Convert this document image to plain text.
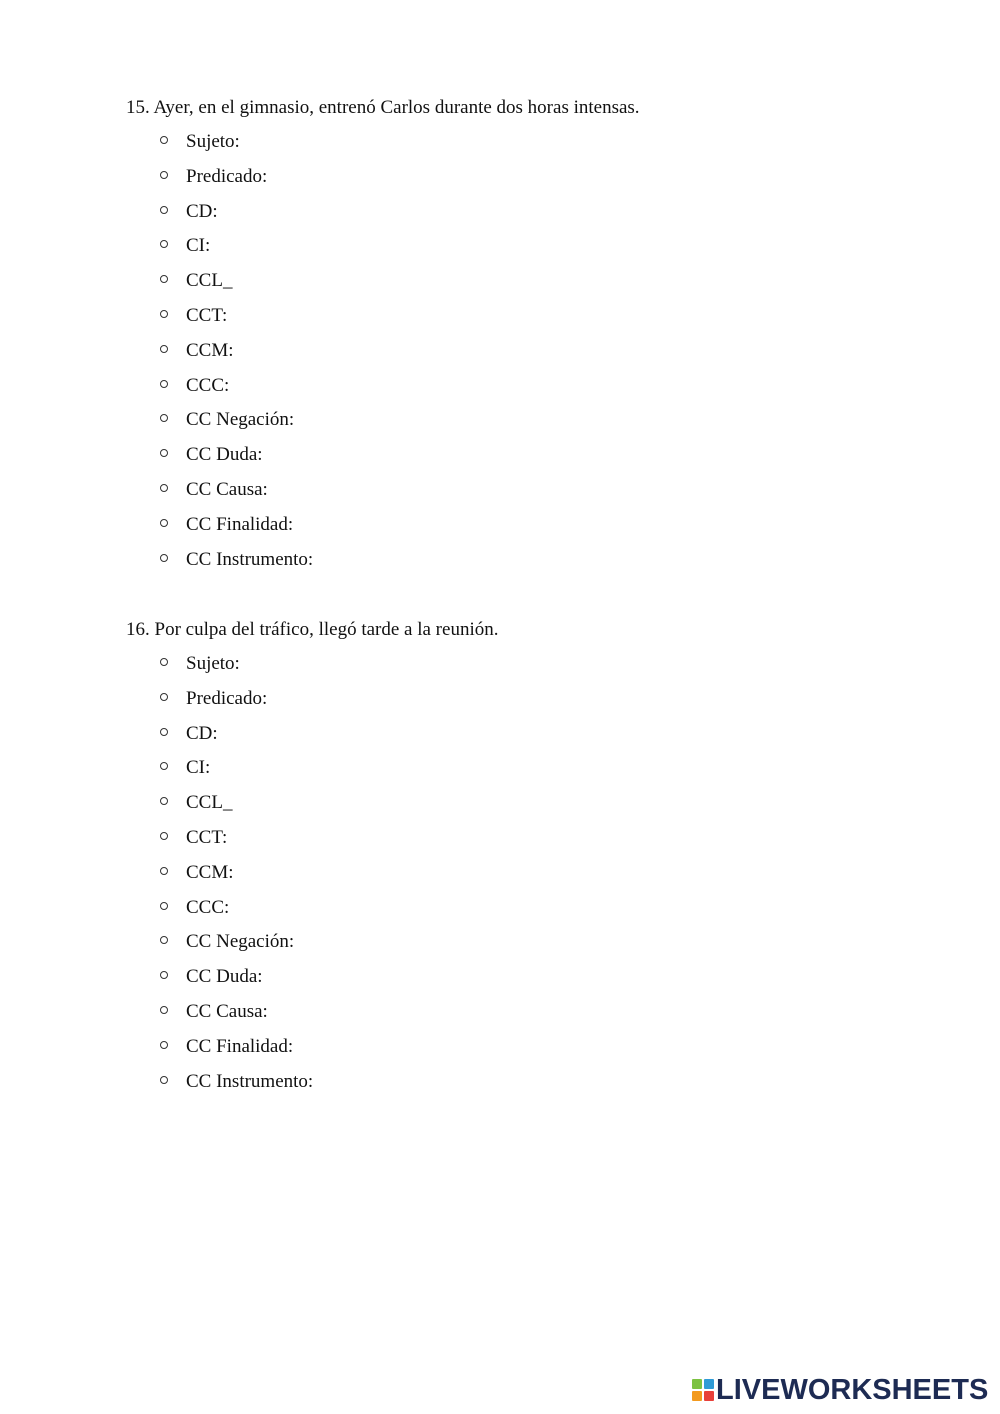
15. Ayer, en el gimnasio, entrenó Carlos durante dos horas intensas.

Sujeto:
Predicado:
CD:
CI:
CCL_
CCT:
CCM:
CCC:
CC Negación:
CC Duda:
CC Causa:
CC Finalidad:
CC Instrumento:

16. Por culpa del tráfico, llegó tarde a la reunión.

Sujeto:
Predicado:
CD:
CI:
CCL_
CCT:
CCM:
CCC:
CC Negación:
CC Duda:
CC Causa:
CC Finalidad:
CC Instrumento:
LIVEWORKSHEETS
